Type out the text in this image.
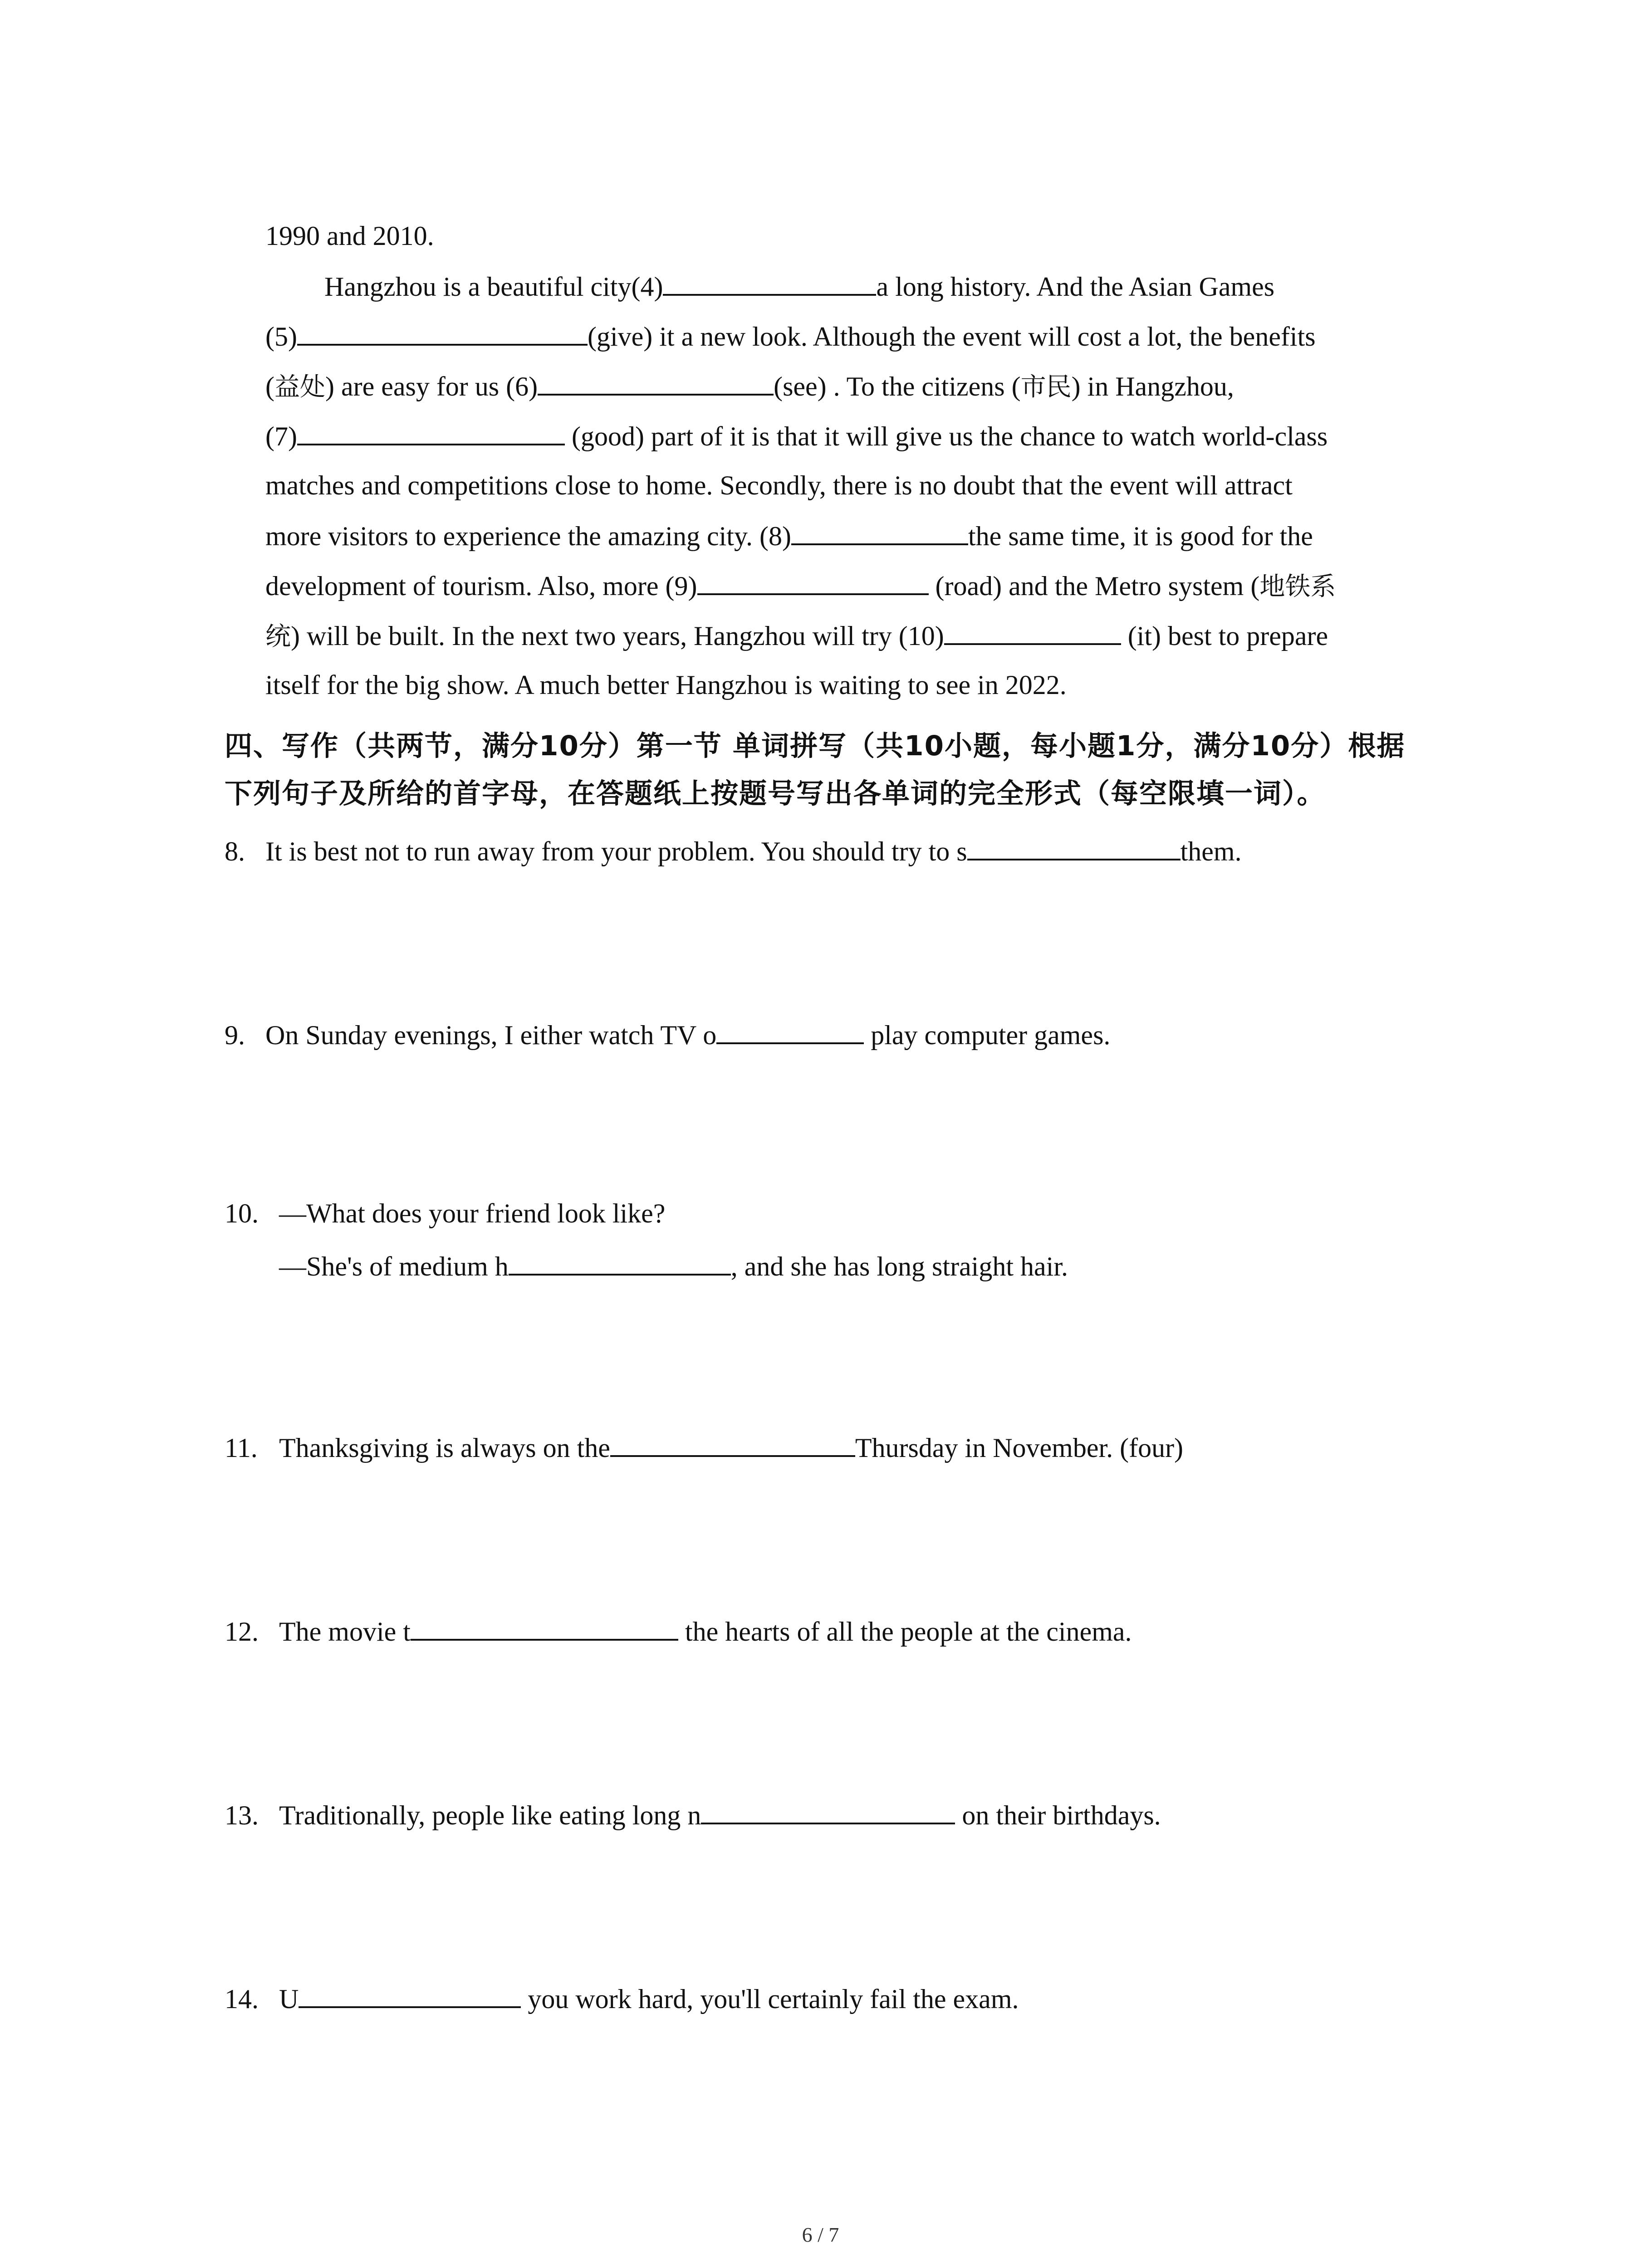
1990 and 2010.
Hangzhou is a beautiful city(4)	a long history. And the Asian Games
(5)	(give) it a new look. Although the event will cost a lot, the benefits
(益处) are easy for us (6)	(see) . To the citizens (市民) in Hangzhou,
(7)	(good) part of it is that it will give us the chance to watch world-class
matches and competitions close to home. Secondly, there is no doubt that the event will attract
more visitors to experience the amazing city. (8)	the same time, it is good for the
development of tourism. Also, more (9)	(road) and the Metro system (地铁系
统) will be built. In the next two years, Hangzhou will try (10)	(it) best to prepare
itself for the big show. A much better Hangzhou is waiting to see in 2022.
四、写作（共两节，满分10分）第一节 单词拼写（共10小题，每小题1分，满分10分）根据
下列句子及所给的首字母，在答题纸上按题号写出各单词的完全形式（每空限填一词）。
8. It is best not to run away from your problem. You should try to s	them.
9. On Sunday evenings, I either watch TV o	play computer games.
10. —What does your friend look like?
—She's of medium h	, and she has long straight hair.
11. Thanksgiving is always on the	Thursday in November. (four)
12. The movie t	the hearts of all the people at the cinema.
13. Traditionally, people like eating long n	on their birthdays.
14. U	you work hard, you'll certainly fail the exam.
6 / 7
